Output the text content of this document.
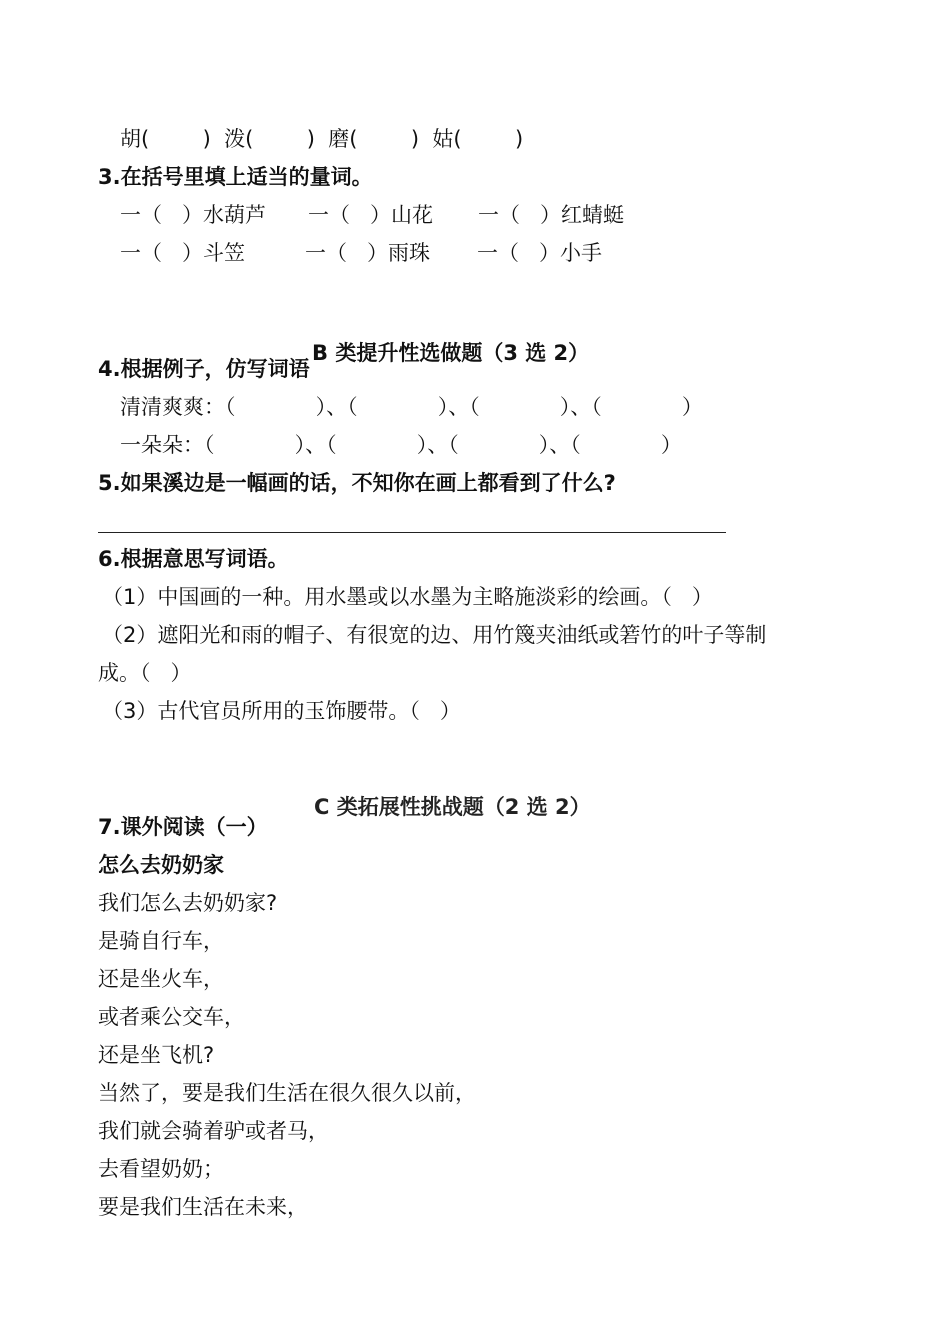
胡(        )  泼(        )  磨(        )  姑(        )
3.在括号里填上适当的量词。
一（   ）水葫芦 一（   ）山花 一（   ）红蜻蜓
一（   ）斗笠	一（   ）雨珠 一（   ）小手
B 类提升性选做题（3 选 2）
4.根据例子，仿写词语
清清爽爽：（            ）、（            ）、（            ）、（            ）
一朵朵：（            ）、（            ）、（            ）、（            ）
5.如果溪边是一幅画的话，不知你在画上都看到了什么?
6.根据意思写词语。
（1）中国画的一种。用水墨或以水墨为主略施淡彩的绘画。（   ）
（2）遮阳光和雨的帽子、有很宽的边、用竹篾夹油纸或箬竹的叶子等制
成。（   ）
（3）古代官员所用的玉饰腰带。（   ）
C 类拓展性挑战题（2 选 2）
7.课外阅读（一）
怎么去奶奶家
我们怎么去奶奶家?
是骑自行车，
还是坐火车，
或者乘公交车，
还是坐飞机?
当然了，要是我们生活在很久很久以前，
我们就会骑着驴或者马，
去看望奶奶；
要是我们生活在未来，
